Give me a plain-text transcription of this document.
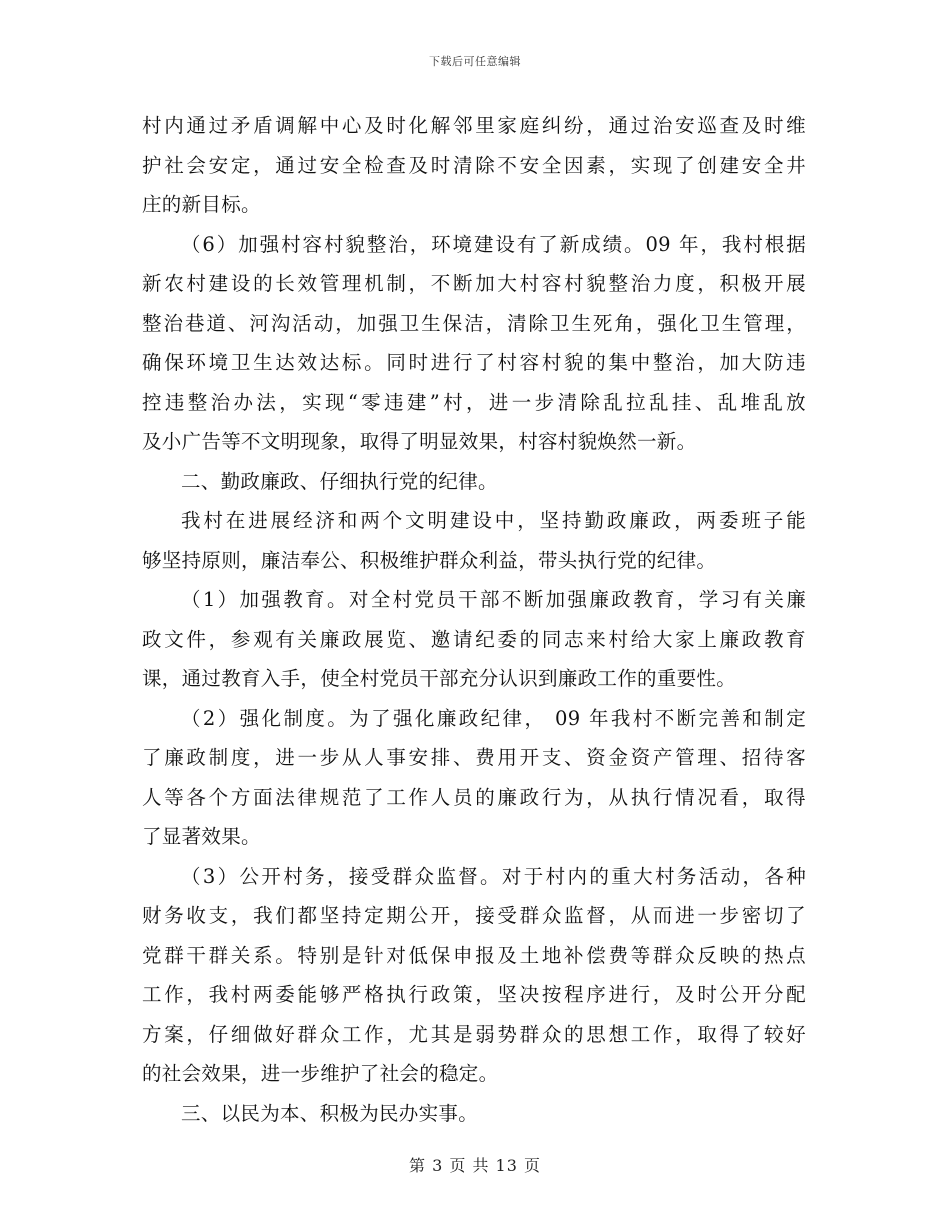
下载后可任意编辑
村内通过矛盾调解中心及时化解邻里家庭纠纷，通过治安巡查及时维
护社会安定，通过安全检查及时清除不安全因素，实现了创建安全井
庄的新目标。
（6）加强村容村貌整治，环境建设有了新成绩。09 年，我村根据
新农村建设的长效管理机制，不断加大村容村貌整治力度，积极开展
整治巷道、河沟活动，加强卫生保洁，清除卫生死角，强化卫生管理，
确保环境卫生达效达标。同时进行了村容村貌的集中整治，加大防违
控违整治办法，实现“零违建”村，进一步清除乱拉乱挂、乱堆乱放
及小广告等不文明现象，取得了明显效果，村容村貌焕然一新。
二、勤政廉政、仔细执行党的纪律。
我村在进展经济和两个文明建设中，坚持勤政廉政，两委班子能
够坚持原则，廉洁奉公、积极维护群众利益，带头执行党的纪律。
（1）加强教育。对全村党员干部不断加强廉政教育，学习有关廉
政文件，参观有关廉政展览、邀请纪委的同志来村给大家上廉政教育
课，通过教育入手，使全村党员干部充分认识到廉政工作的重要性。
（2）强化制度。为了强化廉政纪律， 09 年我村不断完善和制定
了廉政制度，进一步从人事安排、费用开支、资金资产管理、招待客
人等各个方面法律规范了工作人员的廉政行为，从执行情况看，取得
了显著效果。
（3）公开村务，接受群众监督。对于村内的重大村务活动，各种
财务收支，我们都坚持定期公开，接受群众监督，从而进一步密切了
党群干群关系。特别是针对低保申报及土地补偿费等群众反映的热点
工作，我村两委能够严格执行政策，坚决按程序进行，及时公开分配
方案，仔细做好群众工作，尤其是弱势群众的思想工作，取得了较好
的社会效果，进一步维护了社会的稳定。
三、以民为本、积极为民办实事。
第 3 页 共 13 页
